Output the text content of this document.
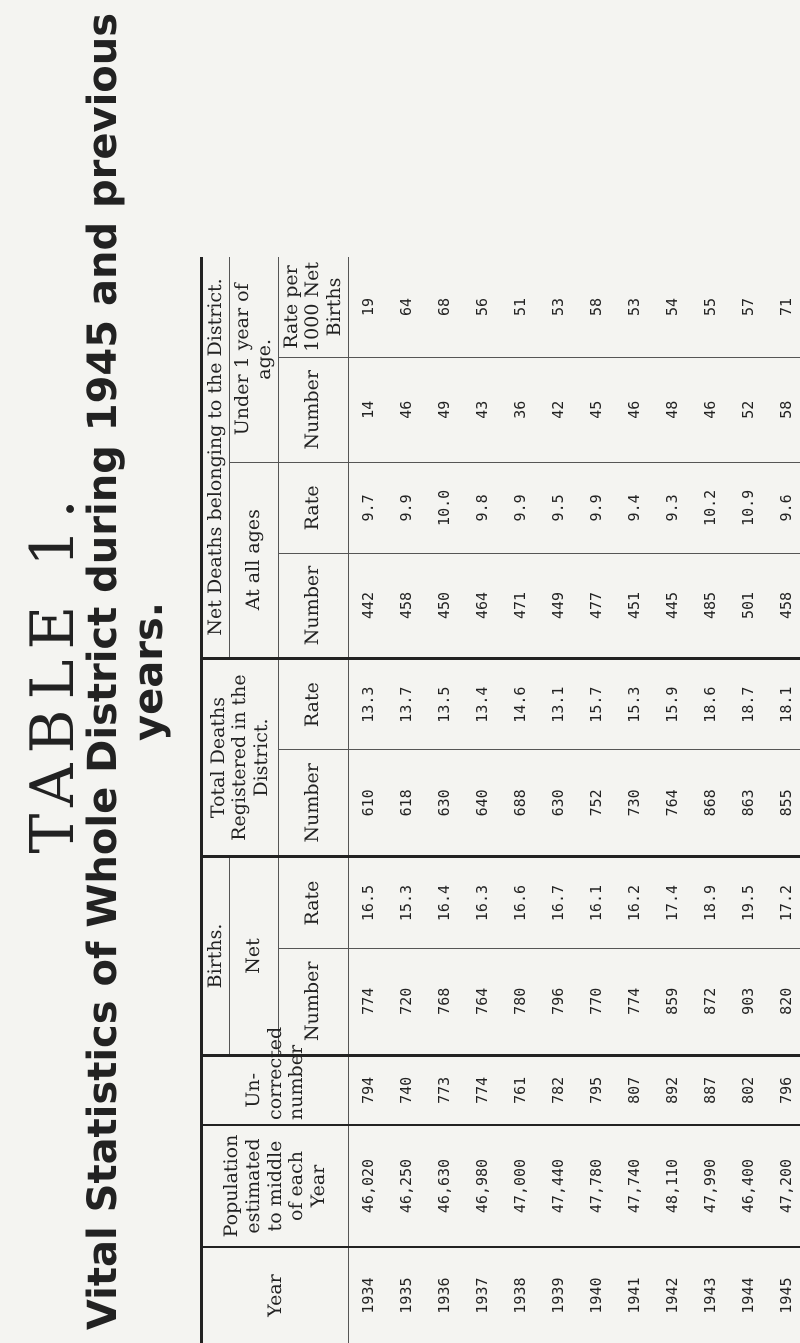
TABLE 1.
Vital Statistics of Whole District during 1945 and previous years.
Year	Population estimated to middle of each Year	Un-corrected number	Births.		Total Deaths Registered in the District.		Net Deaths belonging to the District.			
			Net				At all ages		Under 1 year of age.	
			Number	Rate	Number	Rate	Number	Rate	Number	Rate per 1000 Net Births
1934	46,020	794	774	16.5	610	13.3	442	9.7	14	19
1935	46,250	740	720	15.3	618	13.7	458	9.9	46	64
1936	46,630	773	768	16.4	630	13.5	450	10.0	49	68
1937	46,980	774	764	16.3	640	13.4	464	9.8	43	56
1938	47,000	761	780	16.6	688	14.6	471	9.9	36	51
1939	47,440	782	796	16.7	630	13.1	449	9.5	42	53
1940	47,780	795	770	16.1	752	15.7	477	9.9	45	58
1941	47,740	807	774	16.2	730	15.3	451	9.4	46	53
1942	48,110	892	859	17.4	764	15.9	445	9.3	48	54
1943	47,990	887	872	18.9	868	18.6	485	10.2	46	55
1944	46,400	802	903	19.5	863	18.7	501	10.9	52	57
1945	47,200	796	820	17.2	855	18.1	458	9.6	58	71
